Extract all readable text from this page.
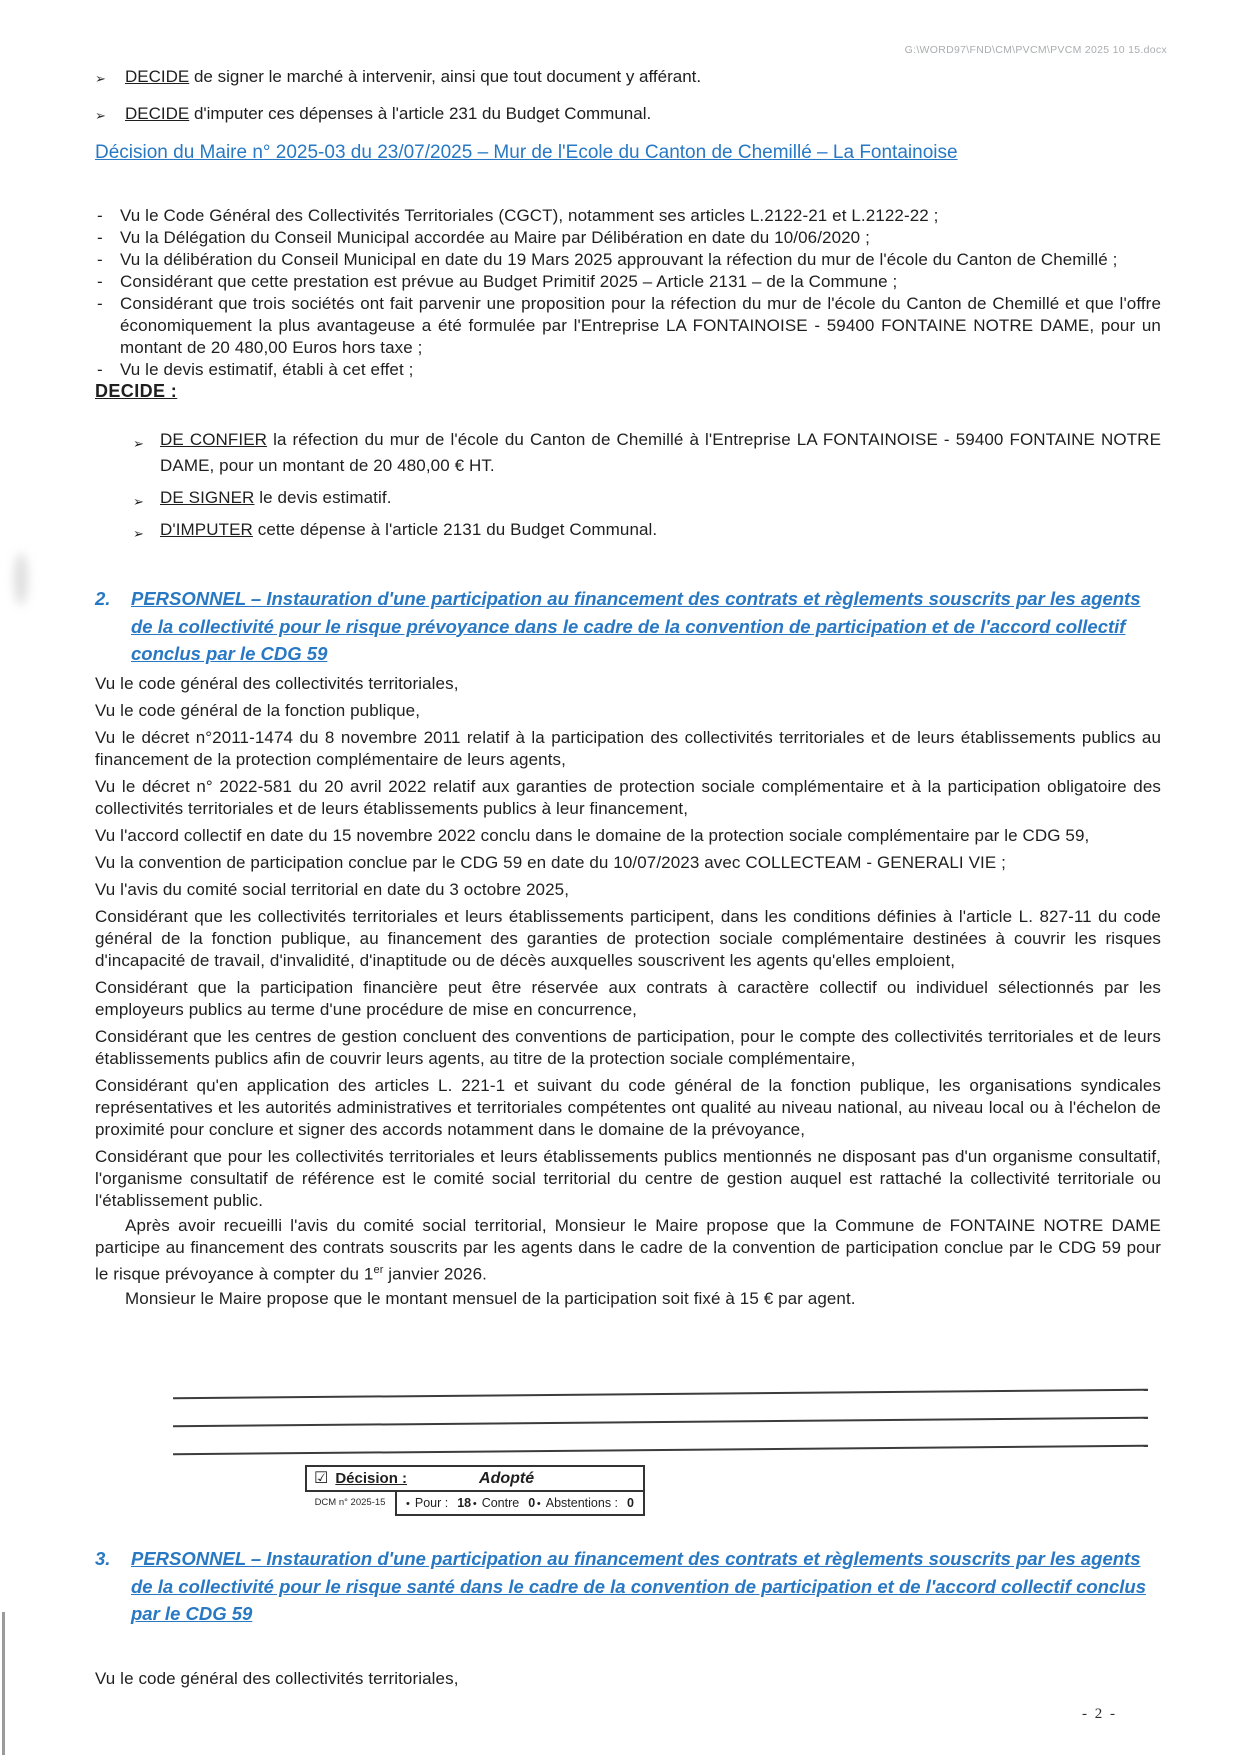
G:\WORD97\FND\CM\PVCM\PVCM 2025 10 15.docx
➢ DECIDE de signer le marché à intervenir, ainsi que tout document y afférant.
➢ DECIDE d'imputer ces dépenses à l'article 231 du Budget Communal.
Décision du Maire n° 2025-03 du 23/07/2025 – Mur de l'Ecole du Canton de Chemillé – La Fontainoise
- Vu le Code Général des Collectivités Territoriales (CGCT), notamment ses articles L.2122-21 et L.2122-22 ;
- Vu la Délégation du Conseil Municipal accordée au Maire par Délibération en date du 10/06/2020 ;
- Vu la délibération du Conseil Municipal en date du 19 Mars 2025 approuvant la réfection du mur de l'école du Canton de Chemillé ;
- Considérant que cette prestation est prévue au Budget Primitif 2025 – Article 2131 – de la Commune ;
- Considérant que trois sociétés ont fait parvenir une proposition pour la réfection du mur de l'école du Canton de Chemillé et que l'offre économiquement la plus avantageuse a été formulée par l'Entreprise LA FONTAINOISE - 59400 FONTAINE NOTRE DAME, pour un montant de 20 480,00 Euros hors taxe ;
- Vu le devis estimatif, établi à cet effet ;
DECIDE :
➢ DE CONFIER la réfection du mur de l'école du Canton de Chemillé à l'Entreprise LA FONTAINOISE - 59400 FONTAINE NOTRE DAME, pour un montant de 20 480,00 € HT.
➢ DE SIGNER le devis estimatif.
➢ D'IMPUTER cette dépense à l'article 2131 du Budget Communal.
2.	PERSONNEL – Instauration d'une participation au financement des contrats et règlements souscrits par les agents de la collectivité pour le risque prévoyance dans le cadre de la convention de participation et de l'accord collectif conclus par le CDG 59

Vu le code général des collectivités territoriales,

Vu le code général de la fonction publique,

Vu le décret n°2011-1474 du 8 novembre 2011 relatif à la participation des collectivités territoriales et de leurs établissements publics au financement de la protection complémentaire de leurs agents,

Vu le décret n° 2022-581 du 20 avril 2022 relatif aux garanties de protection sociale complémentaire et à la participation obligatoire des collectivités territoriales et de leurs établissements publics à leur financement,

Vu l'accord collectif en date du 15 novembre 2022 conclu dans le domaine de la protection sociale complémentaire par le CDG 59,

Vu la convention de participation conclue par le CDG 59 en date du 10/07/2023 avec COLLECTEAM - GENERALI VIE ;

Vu l'avis du comité social territorial en date du 3 octobre 2025,

Considérant que les collectivités territoriales et leurs établissements participent, dans les conditions définies à l'article L. 827-11 du code général de la fonction publique, au financement des garanties de protection sociale complémentaire destinées à couvrir les risques d'incapacité de travail, d'invalidité, d'inaptitude ou de décès auxquelles souscrivent les agents qu'elles emploient,

Considérant que la participation financière peut être réservée aux contrats à caractère collectif ou individuel sélectionnés par les employeurs publics au terme d'une procédure de mise en concurrence,

Considérant que les centres de gestion concluent des conventions de participation, pour le compte des collectivités territoriales et de leurs établissements publics afin de couvrir leurs agents, au titre de la protection sociale complémentaire,

Considérant qu'en application des articles L. 221-1 et suivant du code général de la fonction publique, les organisations syndicales représentatives et les autorités administratives et territoriales compétentes ont qualité au niveau national, au niveau local ou à l'échelon de proximité pour conclure et signer des accords notamment dans le domaine de la prévoyance,

Considérant que pour les collectivités territoriales et leurs établissements publics mentionnés ne disposant pas d'un organisme consultatif, l'organisme consultatif de référence est le comité social territorial du centre de gestion auquel est rattaché la collectivité territoriale ou l'établissement public.

Après avoir recueilli l'avis du comité social territorial, Monsieur le Maire propose que la Commune de FONTAINE NOTRE DAME participe au financement des contrats souscrits par les agents dans le cadre de la convention de participation conclue par le CDG 59 pour le risque prévoyance à compter du 1er janvier 2026.

Monsieur le Maire propose que le montant mensuel de la participation soit fixé à 15 € par agent.

☑ Décision :	Adopté
DCM n° 2025-15	• Pour : 18 • Contre 0 • Abstentions : 0
3.	PERSONNEL – Instauration d'une participation au financement des contrats et règlements souscrits par les agents de la collectivité pour le risque santé dans le cadre de la convention de participation et de l'accord collectif conclus par le CDG 59

Vu le code général des collectivités territoriales,

- 2 -
